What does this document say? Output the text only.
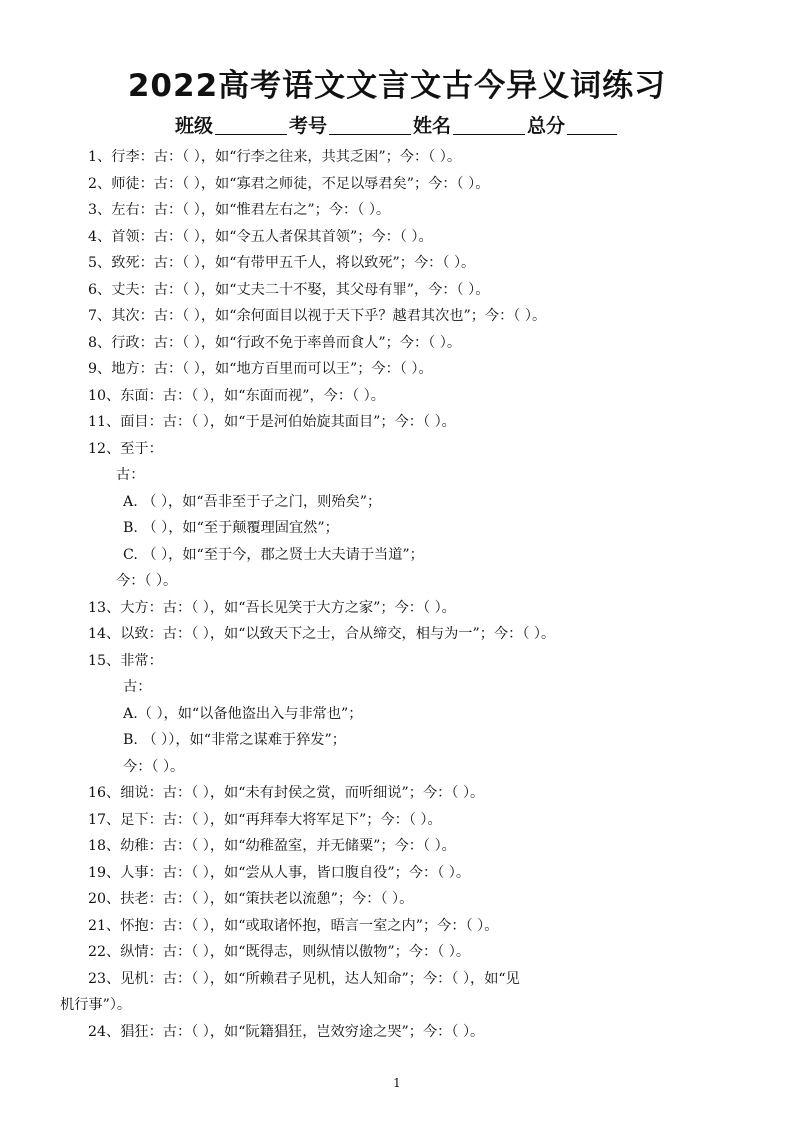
2022高考语文文言文古今异义词练习
班级	考号	姓名	总分
1、行李：古：（ ），如“行李之往来，共其乏困”；今：（ ）。
2、师徒：古：（ ），如“寡君之师徒，不足以辱君矣”；今：（ ）。
3、左右：古：（ ），如“惟君左右之”；今：（ ）。
4、首领：古：（ ），如“令五人者保其首领”；今：（ ）。
5、致死：古：（ ），如“有带甲五千人，将以致死”；今：（ ）。
6、丈夫：古：（ ），如“丈夫二十不娶，其父母有罪”，今：（ ）。
7、其次：古：（ ），如“余何面目以视于天下乎？越君其次也”；今：（ ）。
8、行政：古：（ ），如“行政不免于率兽而食人”；今：（ ）。
9、地方：古：（ ），如“地方百里而可以王”；今：（ ）。
10、东面：古：（ ），如“东面而视”，今：（ ）。
11、面目：古：（ ），如“于是河伯始旋其面目”；今：（ ）。
12、至于：
古：
A. （ ），如“吾非至于子之门，则殆矣”；
B. （ ），如“至于颠覆理固宜然”；
C. （ ），如“至于今，郡之贤士大夫请于当道”；
今：（ ）。
13、大方：古：（ ），如“吾长见笑于大方之家”；今：（ ）。
14、以致：古：（ ），如“以致天下之士，合从缔交，相与为一”；今：（ ）。
15、非常：
古：
A.（ ），如“以备他盗出入与非常也”；
B. （ ）），如“非常之谋难于猝发”；
今：（ ）。
16、细说：古：（ ），如“未有封侯之赏，而听细说”；今：（ ）。
17、足下：古：（ ），如“再拜奉大将军足下”；今：（ ）。
18、幼稚：古：（ ），如“幼稚盈室，并无储粟”；今：（ ）。
19、人事：古：（ ），如“尝从人事，皆口腹自役”；今：（ ）。
20、扶老：古：（ ），如“策扶老以流憩”；今：（ ）。
21、怀抱：古：（ ），如“或取诸怀抱，晤言一室之内”；今：（ ）。
22、纵情：古：（ ），如“既得志，则纵情以傲物”；今：（ ）。
23、见机：古：（ ），如“所赖君子见机，达人知命”；今：（ ），如“见
机行事”）。
24、猖狂：古：（ ），如“阮籍猖狂，岂效穷途之哭”；今：（ ）。
1
